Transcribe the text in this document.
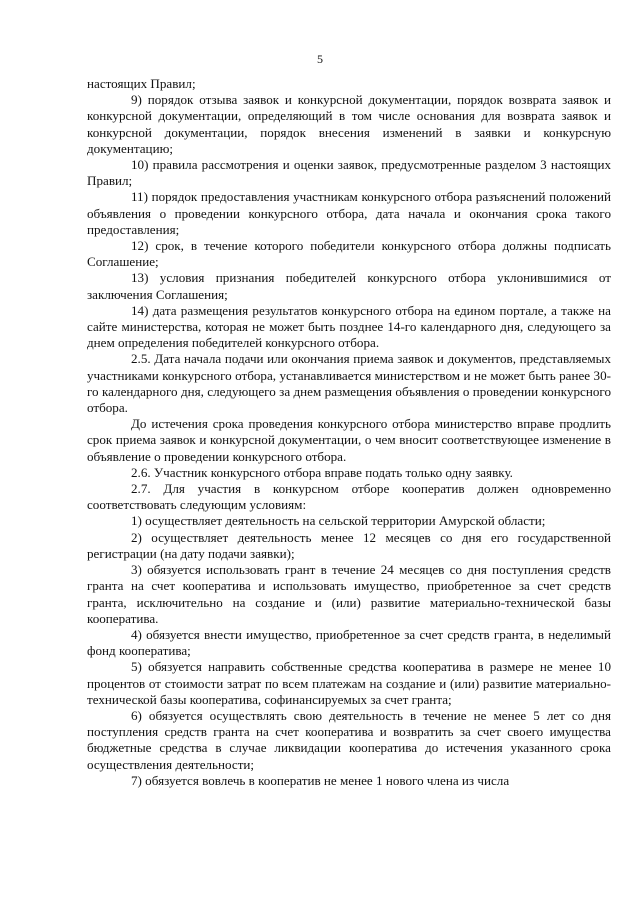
5

настоящих Правил;

9) порядок отзыва заявок и конкурсной документации, порядок возврата заявок и конкурсной документации, определяющий в том числе основания для возврата заявок и конкурсной документации, порядок внесения изменений в заявки и конкурсную документацию;

10) правила рассмотрения и оценки заявок, предусмотренные разделом 3 настоящих Правил;

11) порядок предоставления участникам конкурсного отбора разъяснений положений объявления о проведении конкурсного отбора, дата начала и окончания срока такого предоставления;

12) срок, в течение которого победители конкурсного отбора должны подписать Соглашение;

13) условия признания победителей конкурсного отбора уклонившимися от заключения Соглашения;

14) дата размещения результатов конкурсного отбора на едином портале, а также на сайте министерства, которая не может быть позднее 14-го календарного дня, следующего за днем определения победителей конкурсного отбора.

2.5. Дата начала подачи или окончания приема заявок и документов, представляемых участниками конкурсного отбора, устанавливается министерством и не может быть ранее 30-го календарного дня, следующего за днем размещения объявления о проведении конкурсного отбора.

До истечения срока проведения конкурсного отбора министерство вправе продлить срок приема заявок и конкурсной документации, о чем вносит соответствующее изменение в объявление о проведении конкурсного отбора.

2.6. Участник конкурсного отбора вправе подать только одну заявку.

2.7. Для участия в конкурсном отборе кооператив должен одновременно соответствовать следующим условиям:

1) осуществляет деятельность на сельской территории Амурской области;

2) осуществляет деятельность менее 12 месяцев со дня его государственной регистрации (на дату подачи заявки);

3) обязуется использовать грант в течение 24 месяцев со дня поступления средств гранта на счет кооператива и использовать имущество, приобретенное за счет средств гранта, исключительно на создание и (или) развитие материально-технической базы кооператива.

4) обязуется внести имущество, приобретенное за счет средств гранта, в неделимый фонд кооператива;

5) обязуется направить собственные средства кооператива в размере не менее 10 процентов от стоимости затрат по всем платежам на создание и (или) развитие материально-технической базы кооператива, софинансируемых за счет гранта;

6) обязуется осуществлять свою деятельность в течение не менее 5 лет со дня поступления средств гранта на счет кооператива и возвратить за счет своего имущества бюджетные средства в случае ликвидации кооператива до истечения указанного срока осуществления деятельности;

7) обязуется вовлечь в кооператив не менее 1 нового члена из числа
